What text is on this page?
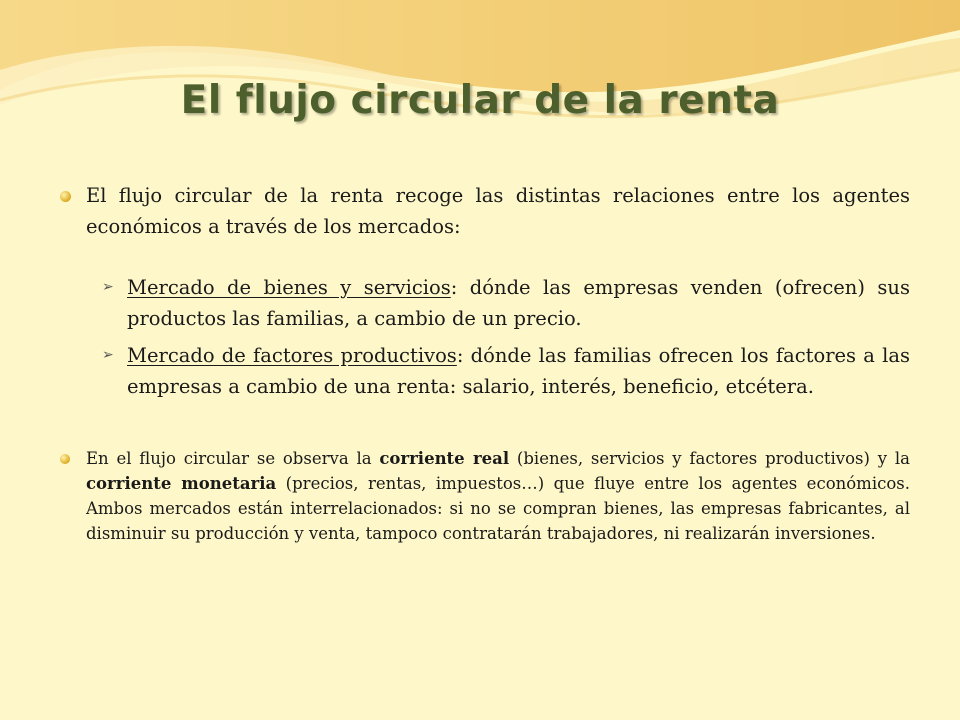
El flujo circular de la renta
El flujo circular de la renta recoge las distintas relaciones entre los agentes económicos a través de los mercados:
➢ Mercado de bienes y servicios: dónde las empresas venden (ofrecen) sus productos las familias, a cambio de un precio.
➢ Mercado de factores productivos: dónde las familias ofrecen los factores a las empresas a cambio de una renta: salario, interés, beneficio, etcétera.
En el flujo circular se observa la corriente real (bienes, servicios y factores productivos) y la corriente monetaria (precios, rentas, impuestos…) que fluye entre los agentes económicos. Ambos mercados están interrelacionados: si no se compran bienes, las empresas fabricantes, al disminuir su producción y venta, tampoco contratarán trabajadores, ni realizarán inversiones.
